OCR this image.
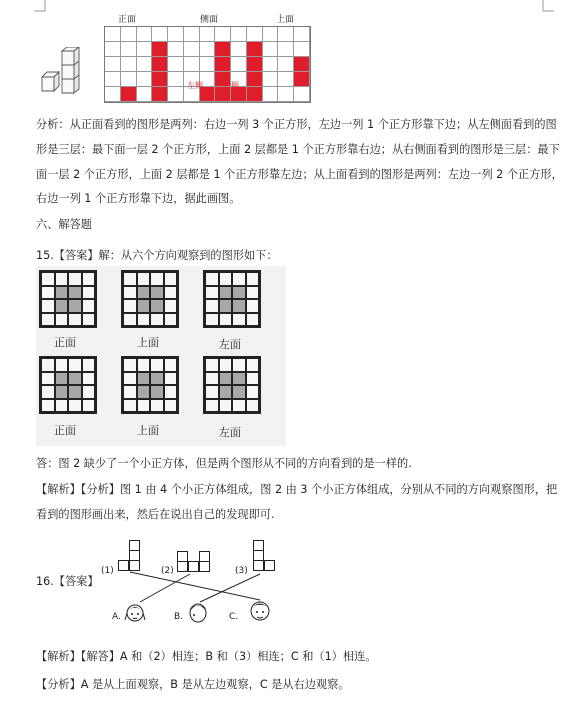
正面	侧面	上面
左侧	右侧
分析：从正面看到的图形是两列：右边一列 3 个正方形，左边一列 1 个正方形靠下边；从左侧面看到的图
形是三层：最下面一层 2 个正方形，上面 2 层都是 1 个正方形靠右边；从右侧面看到的图形是三层：最下
面一层 2 个正方形，上面 2 层都是 1 个正方形靠左边；从上面看到的图形是两列：左边一列 2 个正方形，
右边一列 1 个正方形靠下边，据此画图。
六、解答题
15.【答案】解：从六个方向观察到的图形如下：
正面	上面	左面
正面	上面	左面
答：图 2 缺少了一个小正方体，但是两个图形从不同的方向看到的是一样的.
【解析】【分析】图 1 由 4 个小正方体组成，图 2 由 3 个小正方体组成，分别从不同的方向观察图形，把
看到的图形画出来，然后在说出自己的发现即可.
16.【答案】
(1)	(2)	(3)
A.	B.	C.
【解析】【解答】A 和（2）相连；B 和（3）相连；C 和（1）相连。
【分析】A 是从上面观察，B 是从左边观察，C 是从右边观察。
